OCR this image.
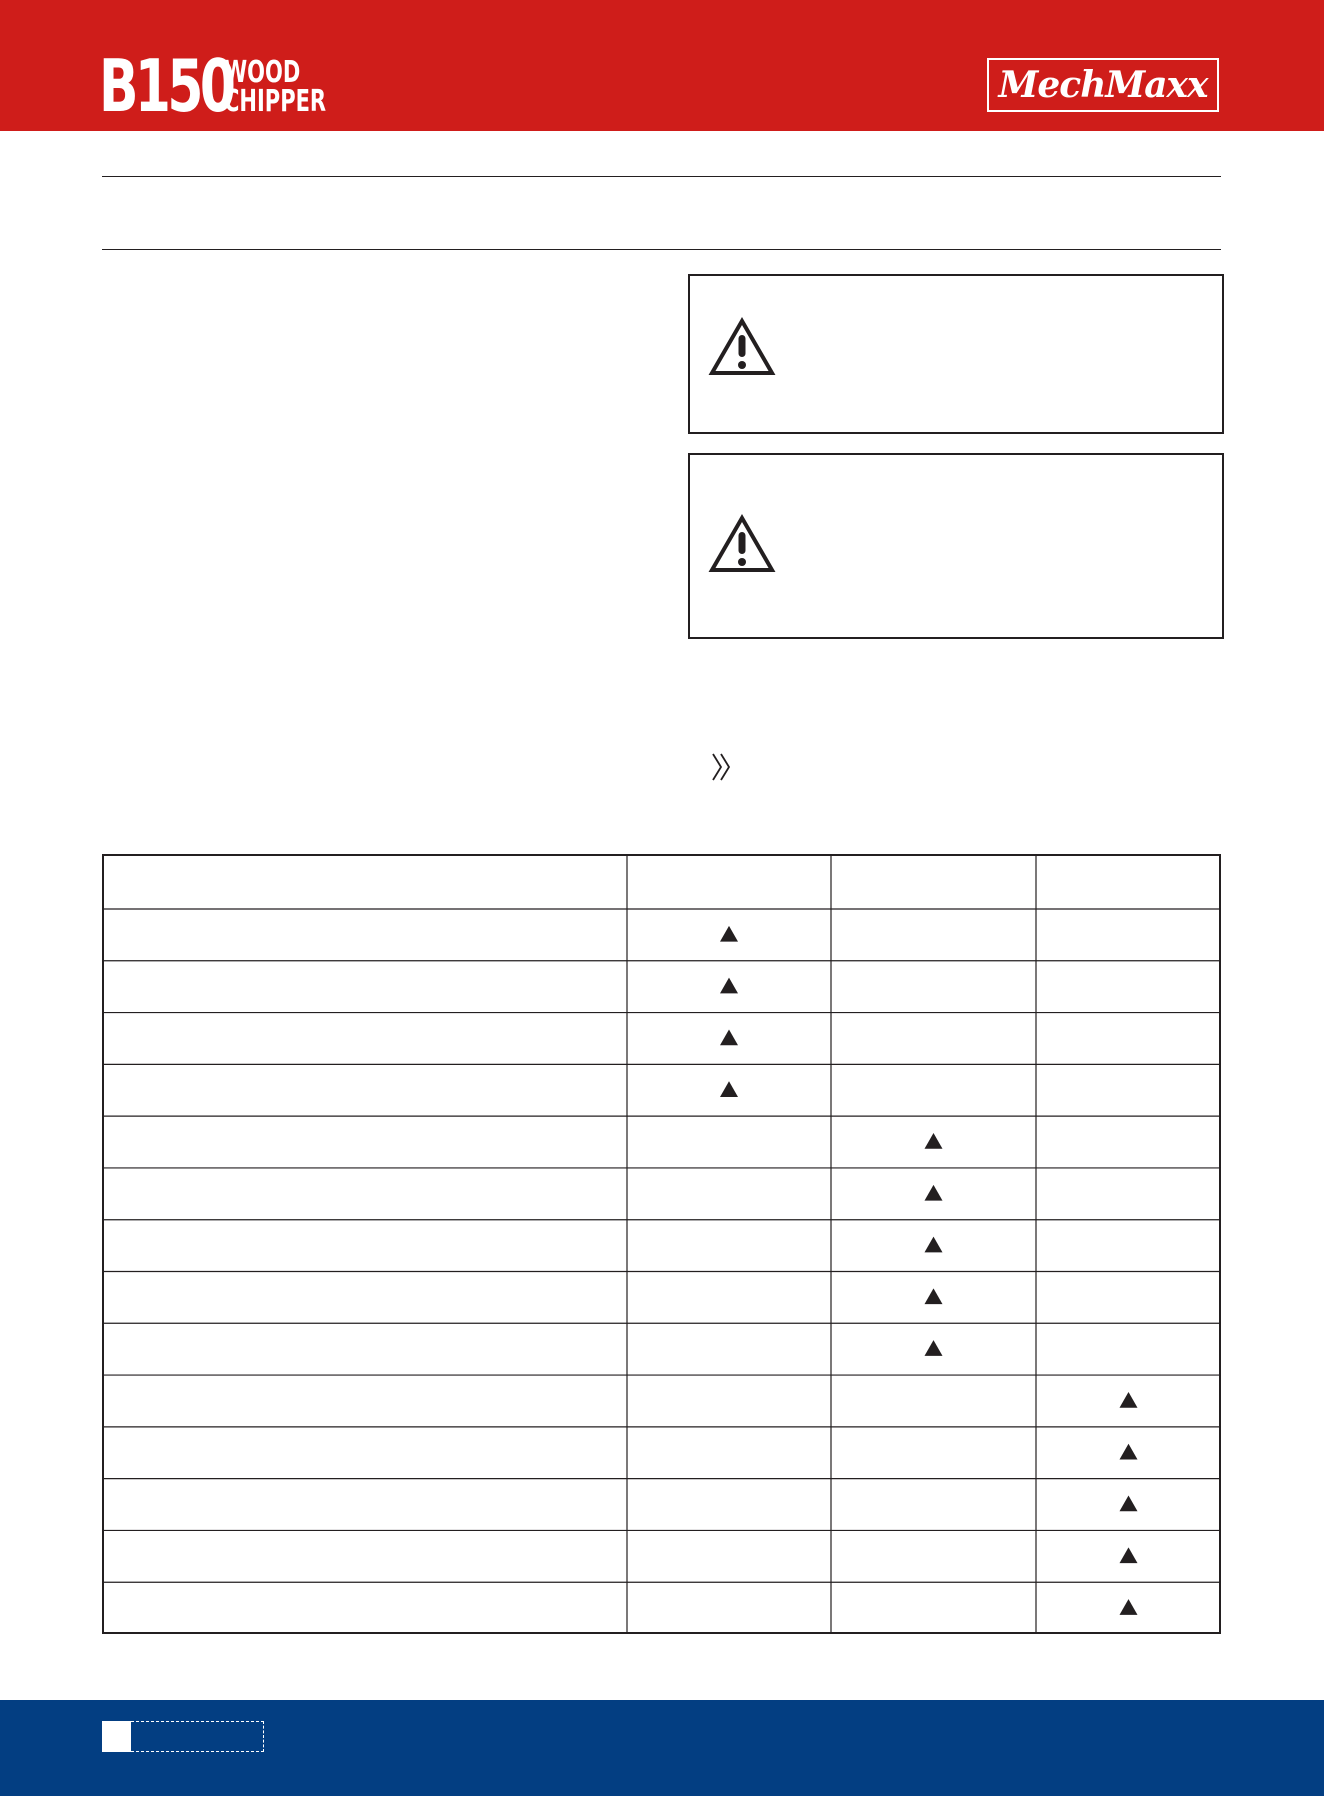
B150
WOOD
CHIPPER	MechMaxx
